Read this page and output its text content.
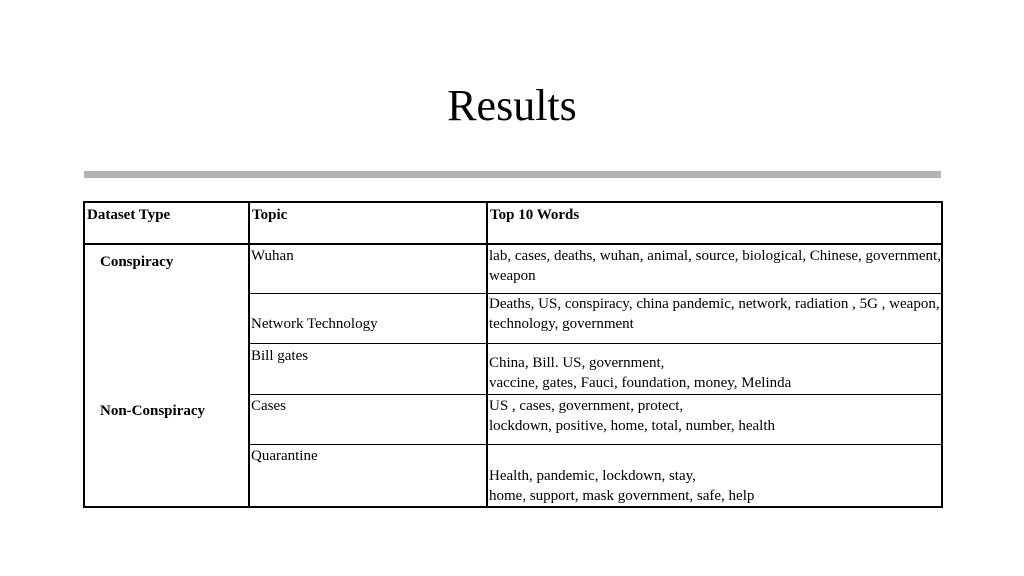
Results
Dataset Type	Topic	Top 10 Words

Conspiracy	Wuhan	lab, cases, deaths, wuhan, animal, source, biological, Chinese, government, weapon

	Network Technology	Deaths, US, conspiracy, china pandemic, network, radiation , 5G , weapon, technology, government

	Bill gates	China, Bill. US, government,
vaccine, gates, Fauci, foundation, money, Melinda

Non-Conspiracy	Cases	US , cases, government, protect,
lockdown, positive, home, total, number, health

	Quarantine	Health, pandemic, lockdown, stay,
home, support, mask government, safe, help
